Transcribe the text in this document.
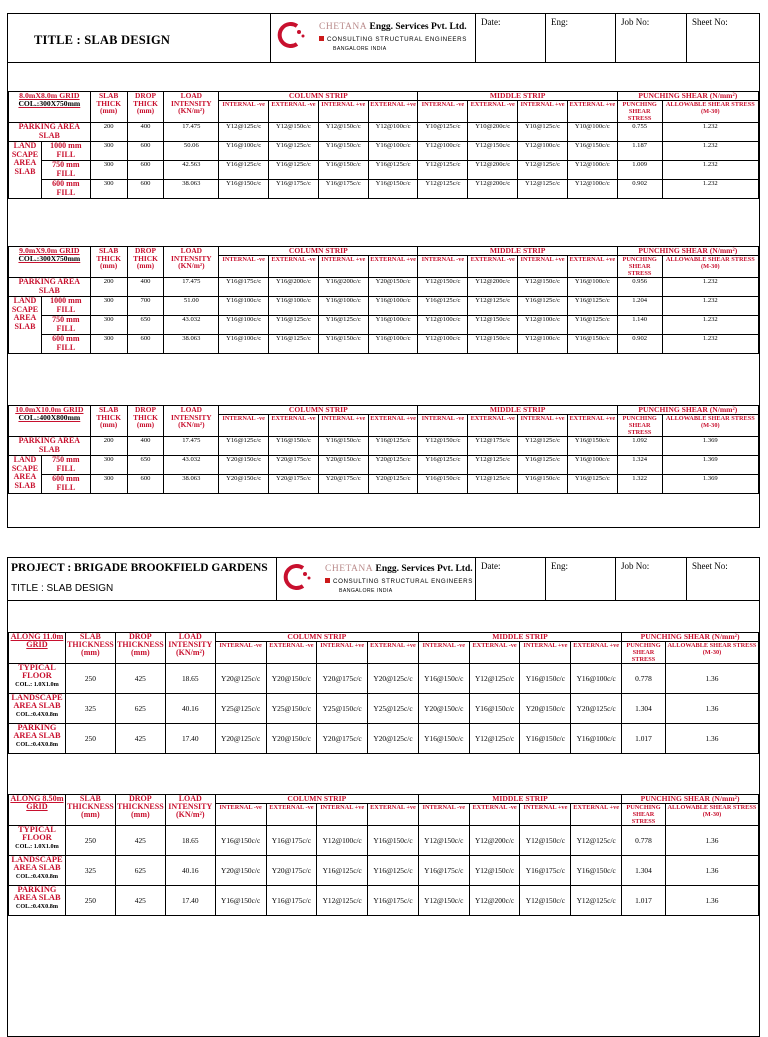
TITLE : SLAB DESIGN
CHETANA Engg. Services Pvt. Ltd.
CONSULTING STRUCTURAL ENGINEERS
BANGALORE INDIA
Date:	Eng:	Job No:	Sheet No:
8.0mX8.0m GRID
COL.:300X750mm		SLAB THICK (mm)	DROP THICK (mm)	LOAD INTENSITY (KN/m²)	COLUMN STRIP				MIDDLE STRIP				PUNCHING SHEAR (N/mm²)	
					INTERNAL -ve	EXTERNAL -ve	INTERNAL +ve	EXTERNAL +ve	INTERNAL -ve	EXTERNAL -ve	INTERNAL +ve	EXTERNAL +ve	PUNCHING SHEAR STRESS	ALLOWABLE SHEAR STRESS (M-30)
PARKING AREA SLAB		200	400	17.475	Y12@125c/c	Y12@150c/c	Y12@150c/c	Y12@100c/c	Y10@125c/c	Y10@200c/c	Y10@125c/c	Y10@100c/c	0.755	1.232
LAND SCAPE AREA SLAB	1000 mm FILL	300	600	50.06	Y16@100c/c	Y16@125c/c	Y16@150c/c	Y16@100c/c	Y12@100c/c	Y12@150c/c	Y12@100c/c	Y16@150c/c	1.187	1.232
	750 mm FILL	300	600	42.563	Y16@125c/c	Y16@125c/c	Y16@150c/c	Y16@125c/c	Y12@125c/c	Y12@200c/c	Y12@125c/c	Y12@100c/c	1.009	1.232
	600 mm FILL	300	600	38.063	Y16@150c/c	Y16@175c/c	Y16@175c/c	Y16@150c/c	Y12@125c/c	Y12@200c/c	Y12@125c/c	Y12@100c/c	0.902	1.232
9.0mX9.0m GRID
COL.:300X750mm		SLAB THICK (mm)	DROP THICK (mm)	LOAD INTENSITY (KN/m²)	COLUMN STRIP				MIDDLE STRIP				PUNCHING SHEAR (N/mm²)	
					INTERNAL -ve	EXTERNAL -ve	INTERNAL +ve	EXTERNAL +ve	INTERNAL -ve	EXTERNAL -ve	INTERNAL +ve	EXTERNAL +ve	PUNCHING SHEAR STRESS	ALLOWABLE SHEAR STRESS (M-30)
PARKING AREA SLAB		200	400	17.475	Y16@175c/c	Y16@200c/c	Y16@200c/c	Y20@150c/c	Y12@150c/c	Y12@200c/c	Y12@150c/c	Y16@100c/c	0.956	1.232
LAND SCAPE AREA SLAB	1000 mm FILL	300	700	51.00	Y16@100c/c	Y16@100c/c	Y16@100c/c	Y16@100c/c	Y16@125c/c	Y12@125c/c	Y16@125c/c	Y16@125c/c	1.204	1.232
	750 mm FILL	300	650	43.032	Y16@100c/c	Y16@125c/c	Y16@125c/c	Y16@100c/c	Y12@100c/c	Y12@150c/c	Y12@100c/c	Y16@125c/c	1.140	1.232
	600 mm FILL	300	600	38.063	Y16@100c/c	Y16@125c/c	Y16@150c/c	Y16@100c/c	Y12@100c/c	Y12@150c/c	Y12@100c/c	Y16@150c/c	0.902	1.232
10.0mX10.0m GRID
COL.:400X800mm		SLAB THICK (mm)	DROP THICK (mm)	LOAD INTENSITY (KN/m²)	COLUMN STRIP				MIDDLE STRIP				PUNCHING SHEAR (N/mm²)	
					INTERNAL -ve	EXTERNAL -ve	INTERNAL +ve	EXTERNAL +ve	INTERNAL -ve	EXTERNAL -ve	INTERNAL +ve	EXTERNAL +ve	PUNCHING SHEAR STRESS	ALLOWABLE SHEAR STRESS (M-30)
PARKING AREA SLAB		200	400	17.475	Y16@125c/c	Y16@150c/c	Y16@150c/c	Y16@125c/c	Y12@150c/c	Y12@175c/c	Y12@125c/c	Y16@150c/c	1.092	1.369
LAND SCAPE AREA SLAB	750 mm FILL	300	650	43.032	Y20@150c/c	Y20@175c/c	Y20@150c/c	Y20@125c/c	Y16@125c/c	Y12@125c/c	Y16@125c/c	Y16@100c/c	1.324	1.369
	600 mm FILL	300	600	38.063	Y20@150c/c	Y20@175c/c	Y20@175c/c	Y20@125c/c	Y16@150c/c	Y12@125c/c	Y16@150c/c	Y16@125c/c	1.322	1.369
PROJECT : BRIGADE BROOKFIELD GARDENS
TITLE : SLAB DESIGN
CHETANA Engg. Services Pvt. Ltd.
CONSULTING STRUCTURAL ENGINEERS
BANGALORE INDIA
Date:	Eng:	Job No:	Sheet No:
ALONG 11.0m GRID	SLAB THICKNESS (mm)	DROP THICKNESS (mm)	LOAD INTENSITY (KN/m²)	COLUMN STRIP				MIDDLE STRIP				PUNCHING SHEAR (N/mm²)	
				INTERNAL -ve	EXTERNAL -ve	INTERNAL +ve	EXTERNAL +ve	INTERNAL -ve	EXTERNAL -ve	INTERNAL +ve	EXTERNAL +ve	PUNCHING SHEAR STRESS	ALLOWABLE SHEAR STRESS (M-30)
TYPICAL FLOOR
COL.: 1.0X1.0m	250	425	18.65	Y20@125c/c	Y20@150c/c	Y20@175c/c	Y20@125c/c	Y16@150c/c	Y12@125c/c	Y16@150c/c	Y16@100c/c	0.778	1.36
LANDSCAPE AREA SLAB
COL.:0.4X0.8m	325	625	40.16	Y25@125c/c	Y25@150c/c	Y25@150c/c	Y25@125c/c	Y20@150c/c	Y16@150c/c	Y20@150c/c	Y20@125c/c	1.304	1.36
PARKING AREA SLAB
COL.:0.4X0.8m	250	425	17.40	Y20@125c/c	Y20@150c/c	Y20@175c/c	Y20@125c/c	Y16@150c/c	Y12@125c/c	Y16@150c/c	Y16@100c/c	1.017	1.36
ALONG 8.50m GRID	SLAB THICKNESS (mm)	DROP THICKNESS (mm)	LOAD INTENSITY (KN/m²)	COLUMN STRIP				MIDDLE STRIP				PUNCHING SHEAR (N/mm²)	
				INTERNAL -ve	EXTERNAL -ve	INTERNAL +ve	EXTERNAL +ve	INTERNAL -ve	EXTERNAL -ve	INTERNAL +ve	EXTERNAL +ve	PUNCHING SHEAR STRESS	ALLOWABLE SHEAR STRESS (M-30)
TYPICAL FLOOR
COL.: 1.0X1.0m	250	425	18.65	Y16@150c/c	Y16@175c/c	Y12@100c/c	Y16@150c/c	Y12@150c/c	Y12@200c/c	Y12@150c/c	Y12@125c/c	0.778	1.36
LANDSCAPE AREA SLAB
COL.:0.4X0.8m	325	625	40.16	Y20@150c/c	Y20@175c/c	Y16@125c/c	Y16@125c/c	Y16@175c/c	Y12@150c/c	Y16@175c/c	Y16@150c/c	1.304	1.36
PARKING AREA SLAB
COL.:0.4X0.8m	250	425	17.40	Y16@150c/c	Y16@175c/c	Y12@125c/c	Y16@175c/c	Y12@150c/c	Y12@200c/c	Y12@150c/c	Y12@125c/c	1.017	1.36
